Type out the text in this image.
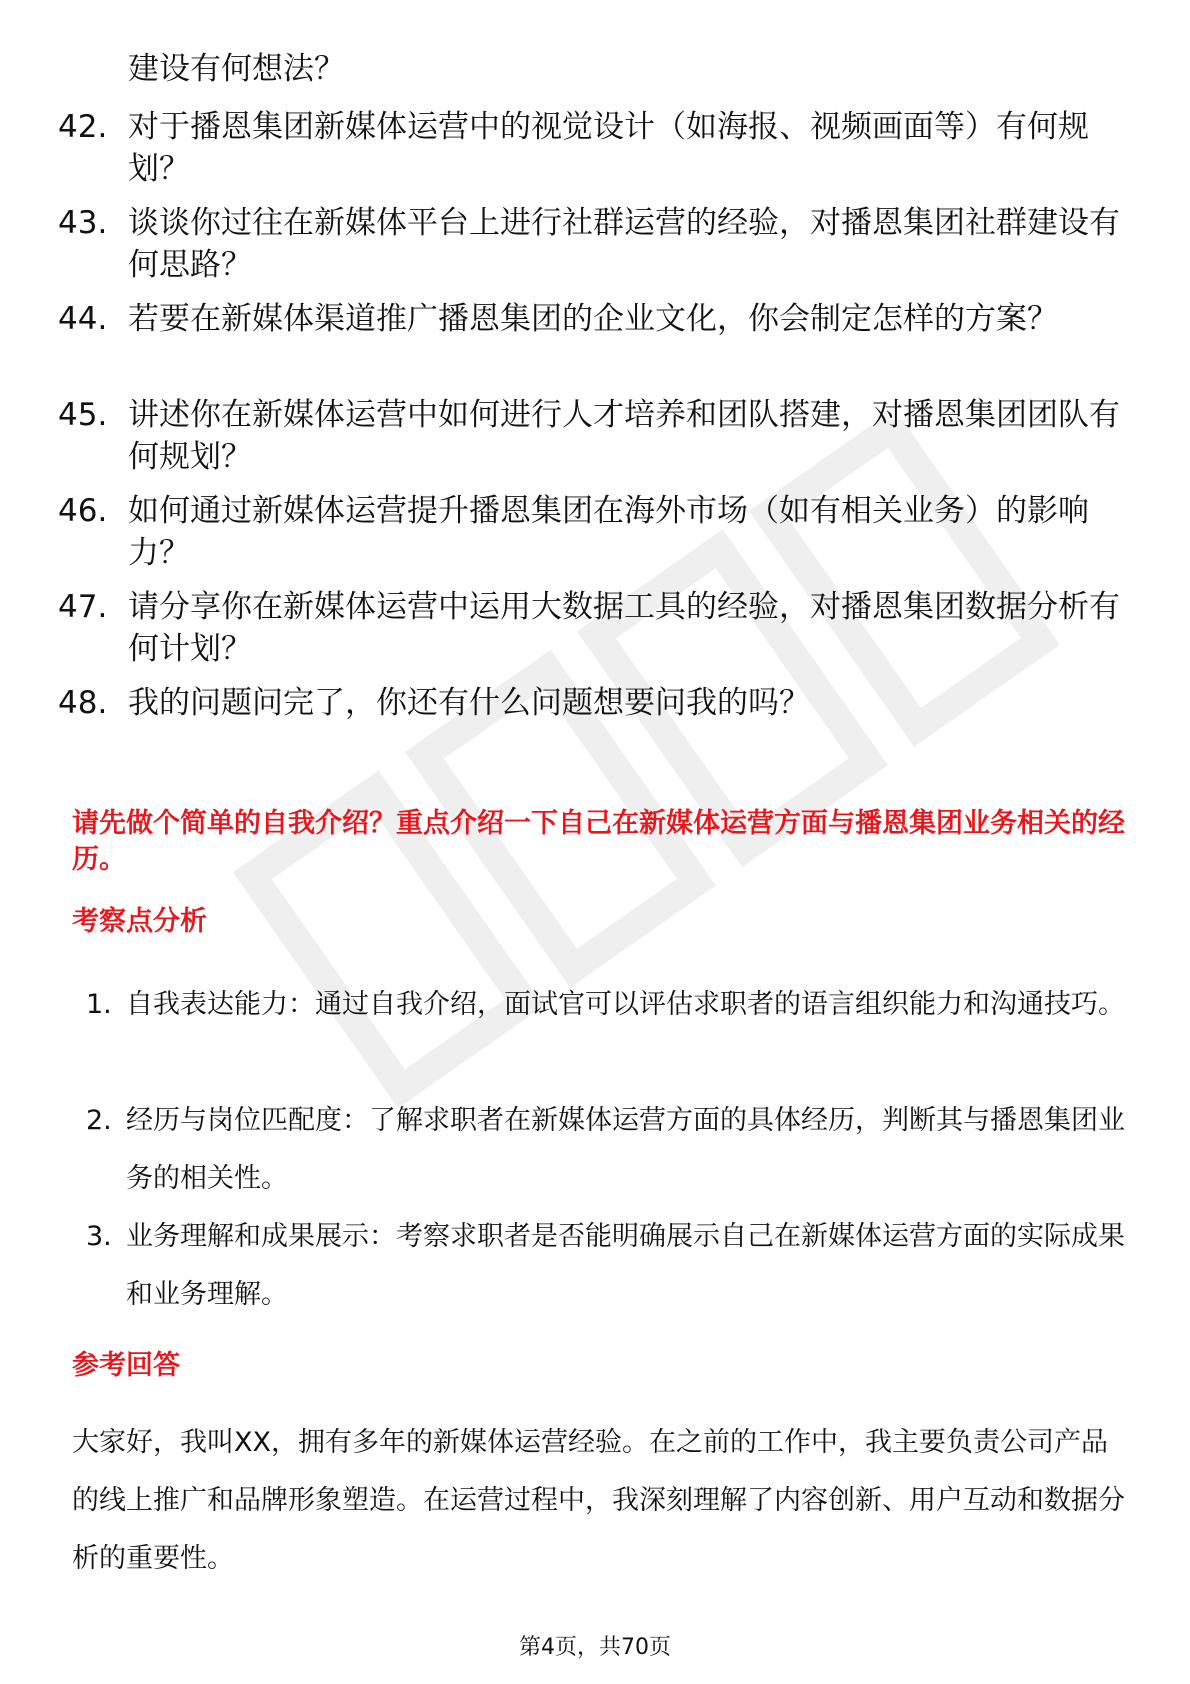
建设有何想法？
42. 对于播恩集团新媒体运营中的视觉设计（如海报、视频画面等）有何规划？
43. 谈谈你过往在新媒体平台上进行社群运营的经验，对播恩集团社群建设有何思路？
44. 若要在新媒体渠道推广播恩集团的企业文化，你会制定怎样的方案？
45. 讲述你在新媒体运营中如何进行人才培养和团队搭建，对播恩集团团队有何规划？
46. 如何通过新媒体运营提升播恩集团在海外市场（如有相关业务）的影响力？
47. 请分享你在新媒体运营中运用大数据工具的经验，对播恩集团数据分析有何计划？
48. 我的问题问完了，你还有什么问题想要问我的吗？
请先做个简单的自我介绍？重点介绍一下自己在新媒体运营方面与播恩集团业务相关的经历。
考察点分析
1. 自我表达能力：通过自我介绍，面试官可以评估求职者的语言组织能力和沟通技巧。
2. 经历与岗位匹配度：了解求职者在新媒体运营方面的具体经历，判断其与播恩集团业务的相关性。
3. 业务理解和成果展示：考察求职者是否能明确展示自己在新媒体运营方面的实际成果和业务理解。
参考回答
大家好，我叫XX，拥有多年的新媒体运营经验。在之前的工作中，我主要负责公司产品的线上推广和品牌形象塑造。在运营过程中，我深刻理解了内容创新、用户互动和数据分析的重要性。
第4页，共70页
